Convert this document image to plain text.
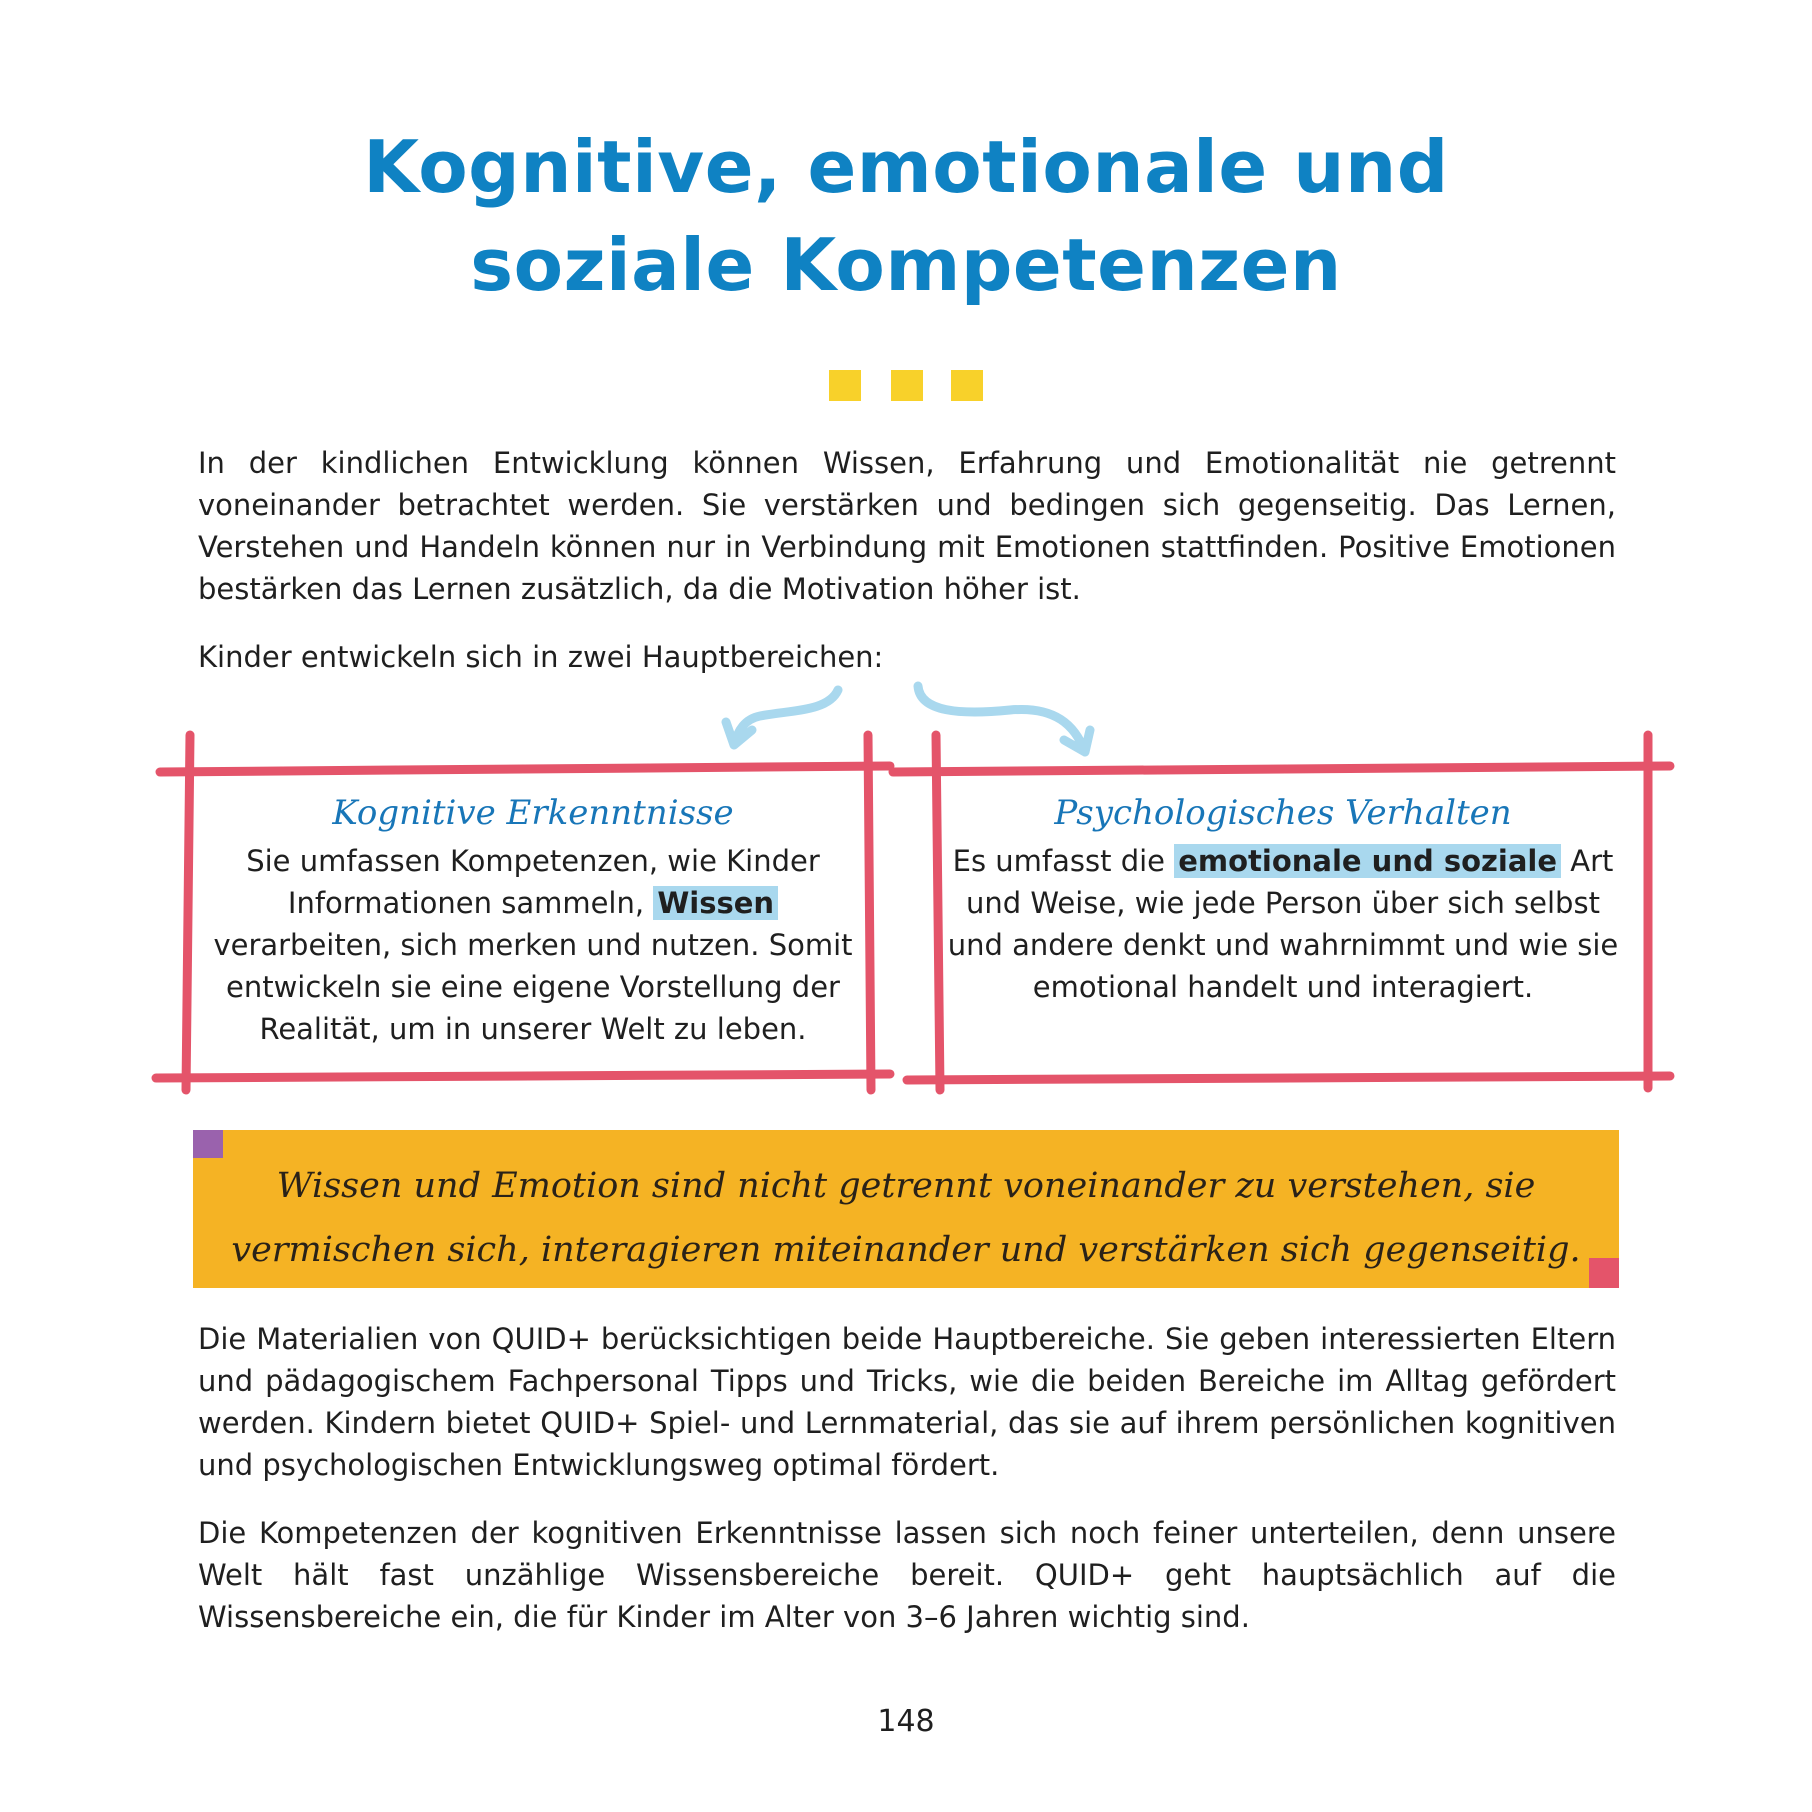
Kognitive, emotionale und
soziale Kompetenzen

In der kindlichen Entwicklung können Wissen, Erfahrung und Emotionalität nie getrennt voneinander betrachtet werden. Sie verstärken und bedingen sich gegenseitig. Das Lernen, Verstehen und Handeln können nur in Verbindung mit Emotionen stattfinden. Positive Emotionen bestärken das Lernen zusätzlich, da die Motivation höher ist.

Kinder entwickeln sich in zwei Hauptbereichen:

Kognitive Erkenntnisse
Sie umfassen Kompetenzen, wie Kinder Informationen sammeln, Wissen verarbeiten, sich merken und nutzen. Somit entwickeln sie eine eigene Vorstellung der Realität, um in unserer Welt zu leben.
Psychologisches Verhalten
Es umfasst die emotionale und soziale Art und Weise, wie jede Person über sich selbst und andere denkt und wahrnimmt und wie sie emotional handelt und interagiert.

Wissen und Emotion sind nicht getrennt voneinander zu verstehen, sie
vermischen sich, interagieren miteinander und verstärken sich gegenseitig.

Die Materialien von QUID+ berücksichtigen beide Hauptbereiche. Sie geben interessierten Eltern und pädagogischem Fachpersonal Tipps und Tricks, wie die beiden Bereiche im Alltag gefördert werden. Kindern bietet QUID+ Spiel- und Lernmaterial, das sie auf ihrem persönlichen kognitiven und psychologischen Entwicklungsweg optimal fördert.

Die Kompetenzen der kognitiven Erkenntnisse lassen sich noch feiner unterteilen, denn unsere Welt hält fast unzählige Wissensbereiche bereit. QUID+ geht hauptsächlich auf die Wissensbereiche ein, die für Kinder im Alter von 3–6 Jahren wichtig sind.

148
